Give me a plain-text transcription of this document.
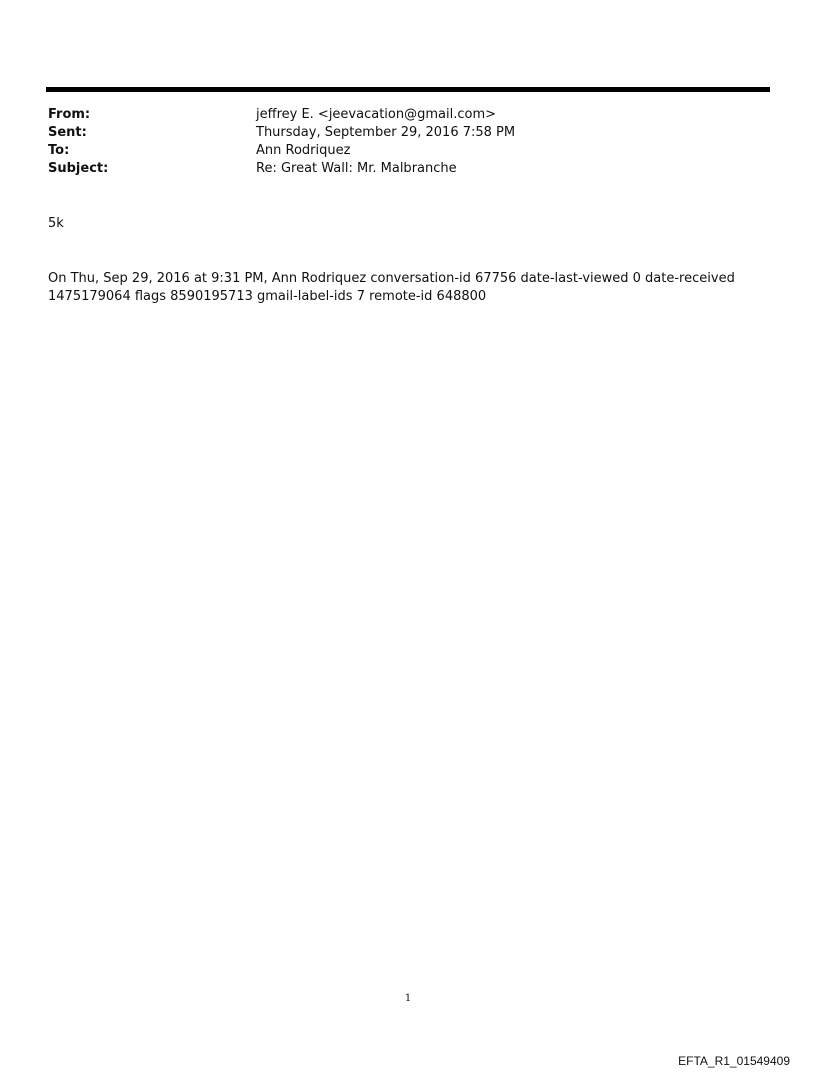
From:	jeffrey E. <jeevacation@gmail.com>
Sent:	Thursday, September 29, 2016 7:58 PM
To:	Ann Rodriquez
Subject:	Re: Great Wall: Mr. Malbranche
5k
On Thu, Sep 29, 2016 at 9:31 PM, Ann Rodriquez conversation-id 67756 date-last-viewed 0 date-received 1475179064 flags 8590195713 gmail-label-ids 7 remote-id 648800
1
EFTA_R1_01549409
